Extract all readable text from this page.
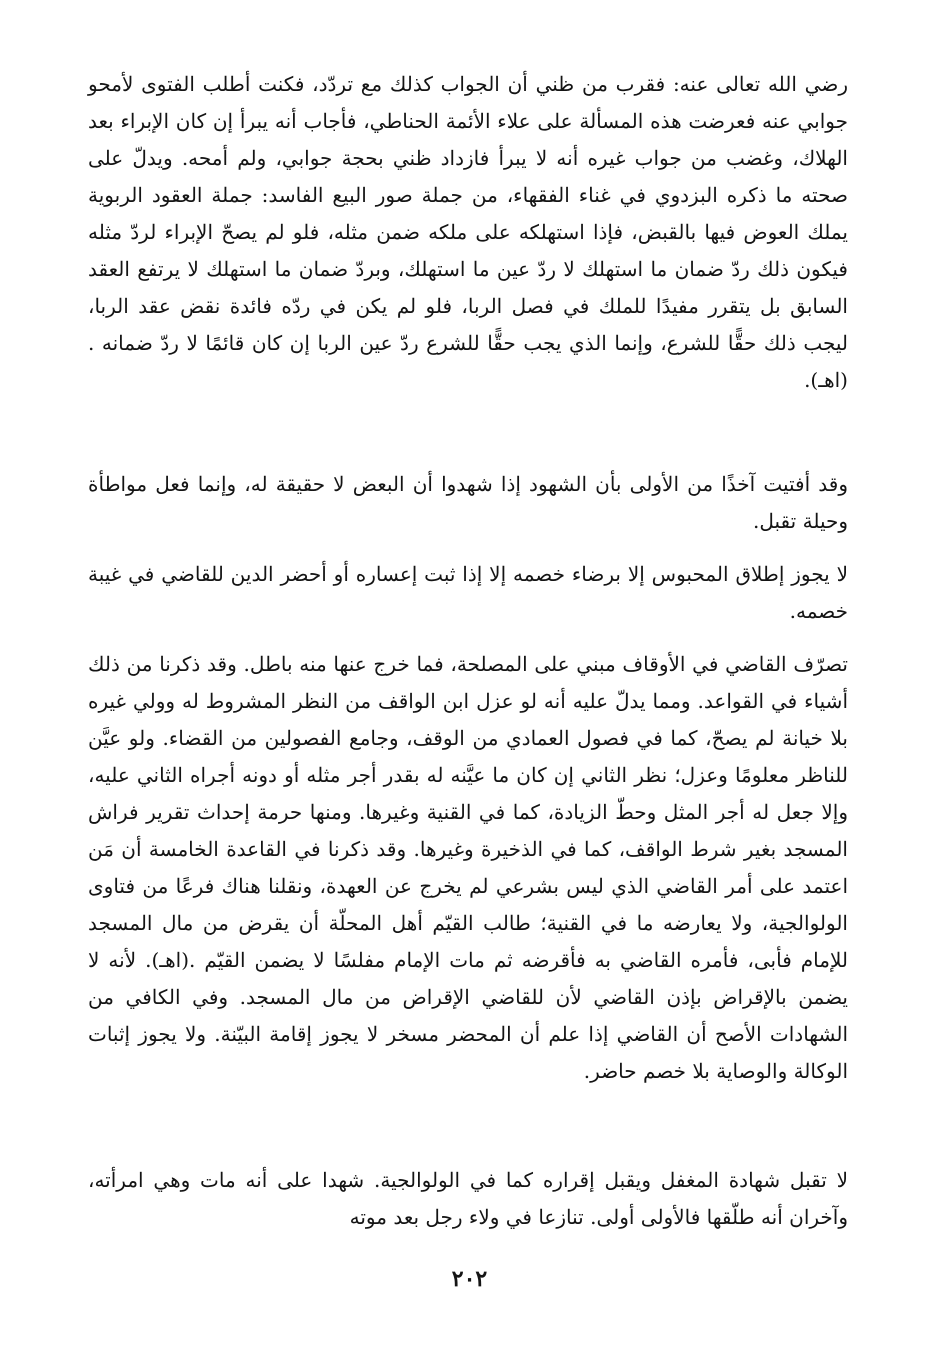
رضي الله تعالى عنه: فقرب من ظني أن الجواب كذلك مع تردّد، فكنت أطلب الفتوى لأمحو جوابي عنه فعرضت هذه المسألة على علاء الأئمة الحناطي، فأجاب أنه يبرأ إن كان الإبراء بعد الهلاك، وغضب من جواب غيره أنه لا يبرأ فازداد ظني بحجة جوابي، ولم أمحه. ويدلّ على صحته ما ذكره البزدوي في غناء الفقهاء، من جملة صور البيع الفاسد: جملة العقود الربوية يملك العوض فيها بالقبض، فإذا استهلكه على ملكه ضمن مثله، فلو لم يصحّ الإبراء لردّ مثله فيكون ذلك ردّ ضمان ما استهلك لا ردّ عين ما استهلك، وبردّ ضمان ما استهلك لا يرتفع العقد السابق بل يتقرر مفيدًا للملك في فصل الربا، فلو لم يكن في ردّه فائدة نقض عقد الربا، ليجب ذلك حقًّا للشرع، وإنما الذي يجب حقًّا للشرع ردّ عين الربا إن كان قائمًا لا ردّ ضمانه .(اهـ).

وقد أفتيت آخذًا من الأولى بأن الشهود إذا شهدوا أن البعض لا حقيقة له، وإنما فعل مواطأة وحيلة تقبل.

لا يجوز إطلاق المحبوس إلا برضاء خصمه إلا إذا ثبت إعساره أو أحضر الدين للقاضي في غيبة خصمه.

تصرّف القاضي في الأوقاف مبني على المصلحة، فما خرج عنها منه باطل. وقد ذكرنا من ذلك أشياء في القواعد. ومما يدلّ عليه أنه لو عزل ابن الواقف من النظر المشروط له وولي غيره بلا خيانة لم يصحّ، كما في فصول العمادي من الوقف، وجامع الفصولين من القضاء. ولو عيَّن للناظر معلومًا وعزل؛ نظر الثاني إن كان ما عيَّنه له بقدر أجر مثله أو دونه أجراه الثاني عليه، وإلا جعل له أجر المثل وحطّ الزيادة، كما في القنية وغيرها. ومنها حرمة إحداث تقرير فراش المسجد بغير شرط الواقف، كما في الذخيرة وغيرها. وقد ذكرنا في القاعدة الخامسة أن مَن اعتمد على أمر القاضي الذي ليس بشرعي لم يخرج عن العهدة، ونقلنا هناك فرعًا من فتاوى الولوالجية، ولا يعارضه ما في القنية؛ طالب القيّم أهل المحلّة أن يقرض من مال المسجد للإمام فأبى، فأمره القاضي به فأقرضه ثم مات الإمام مفلسًا لا يضمن القيّم .(اهـ). لأنه لا يضمن بالإقراض بإذن القاضي لأن للقاضي الإقراض من مال المسجد. وفي الكافي من الشهادات الأصح أن القاضي إذا علم أن المحضر مسخر لا يجوز إقامة البيّنة. ولا يجوز إثبات الوكالة والوصاية بلا خصم حاضر.

لا تقبل شهادة المغفل ويقبل إقراره كما في الولوالجية. شهدا على أنه مات وهي امرأته، وآخران أنه طلّقها فالأولى أولى. تنازعا في ولاء رجل بعد موته

٢٠٢
